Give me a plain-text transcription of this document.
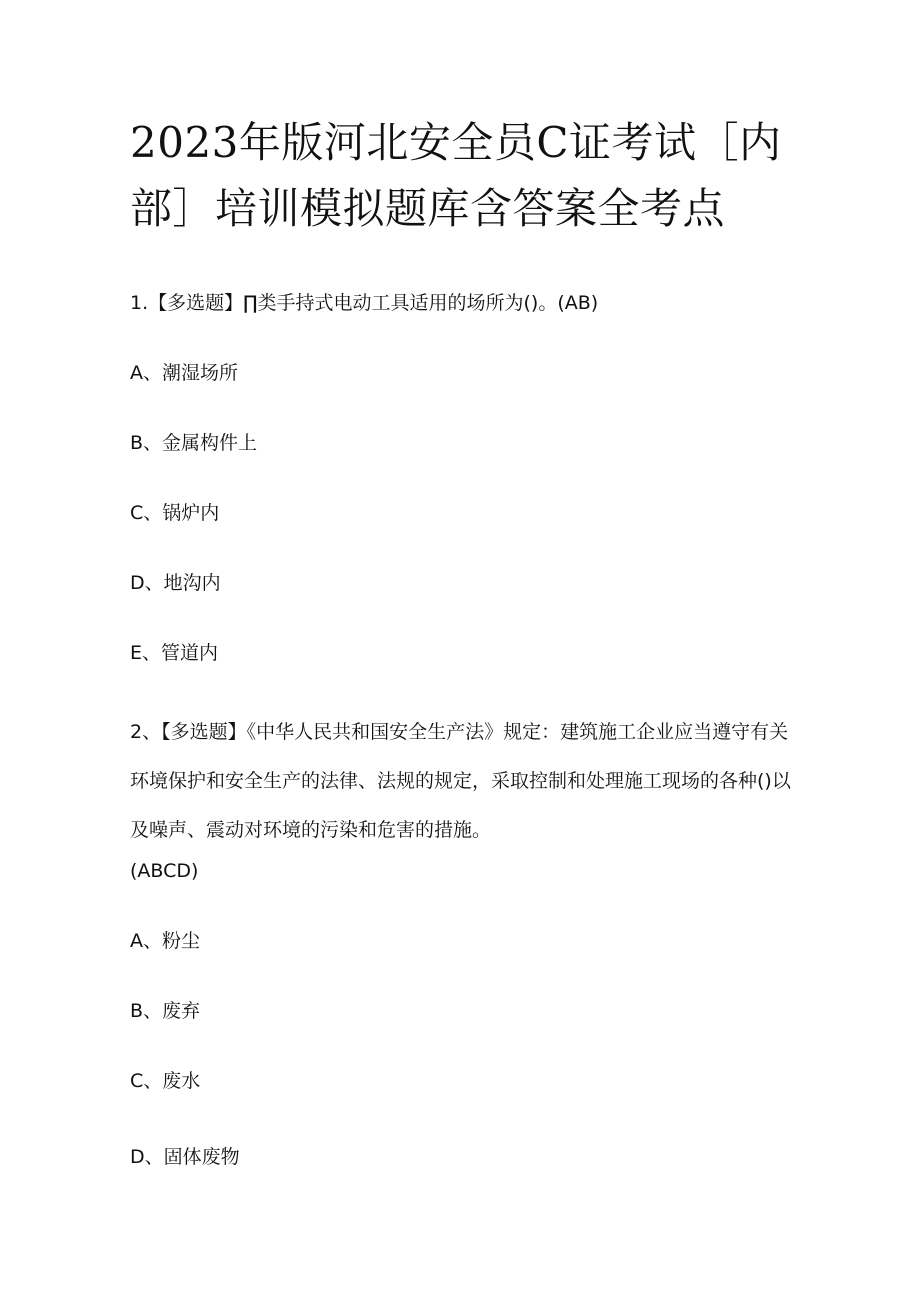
2023年版河北安全员C证考试［内
部］培训模拟题库含答案全考点
1.【多选题】∏类手持式电动工具适用的场所为()。(AB)
A、潮湿场所
B、金属构件上
C、锅炉内
D、地沟内
E、管道内
2、【多选题】《中华人民共和国安全生产法》规定：建筑施工企业应当遵守有关环境保护和安全生产的法律、法规的规定，采取控制和处理施工现场的各种()以及噪声、震动对环境的污染和危害的措施。
(ABCD)
A、粉尘
B、废弃
C、废水
D、固体废物
